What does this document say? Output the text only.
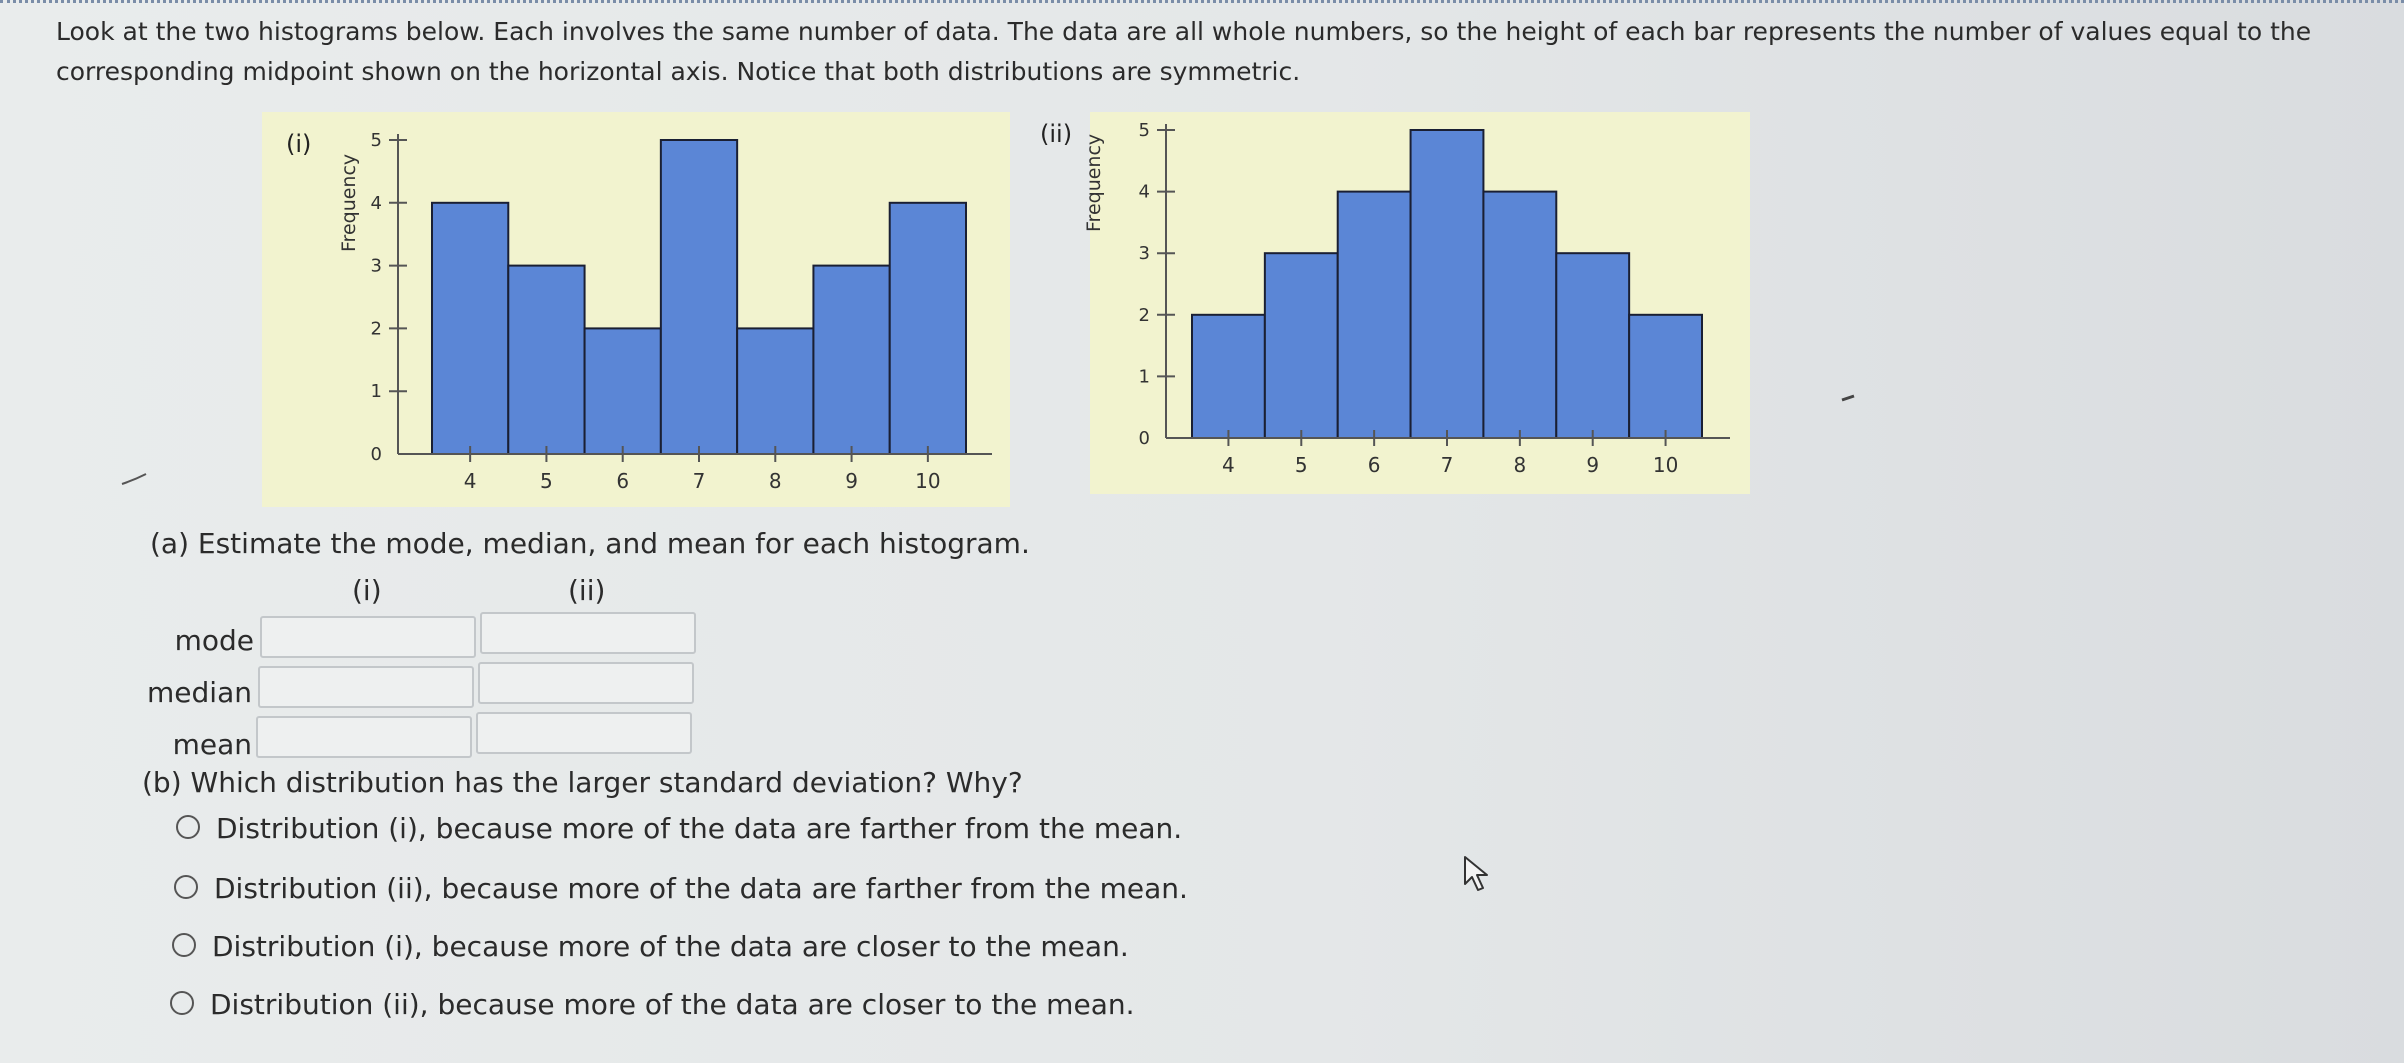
Look at the two histograms below. Each involves the same number of data. The data are all whole numbers, so the height of each bar represents the number of values equal to the corresponding midpoint shown on the horizontal axis. Notice that both distributions are symmetric.
(i)
Frequency
0
1
2
3
4
5
4	5	6	7	8	9	10
(ii) Frequency
0
1
2
3
4
5
4	5	6	7	8	9	10
(a) Estimate the mode, median, and mean for each histogram.
(i)	(ii)
mode
median
mean
(b) Which distribution has the larger standard deviation? Why?
Distribution (i), because more of the data are farther from the mean.
Distribution (ii), because more of the data are farther from the mean.
Distribution (i), because more of the data are closer to the mean.
Distribution (ii), because more of the data are closer to the mean.
